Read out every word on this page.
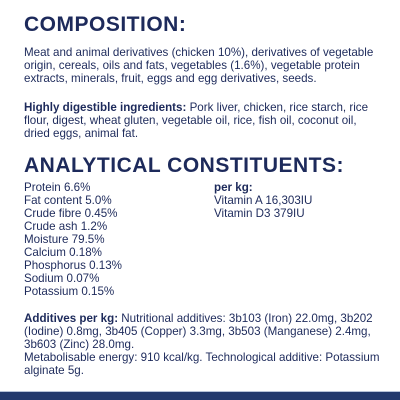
COMPOSITION:

Meat and animal derivatives (chicken 10%), derivatives of vegetable origin, cereals, oils and fats, vegetables (1.6%), vegetable protein extracts, minerals, fruit, eggs and egg derivatives, seeds.

Highly digestible ingredients: Pork liver, chicken, rice starch, rice flour, digest, wheat gluten, vegetable oil, rice, fish oil, coconut oil, dried eggs, animal fat.

ANALYTICAL CONSTITUENTS:
Protein 6.6%
Fat content 5.0%
Crude fibre 0.45%
Crude ash 1.2%
Moisture 79.5%
Calcium 0.18%
Phosphorus 0.13%
Sodium 0.07%
Potassium 0.15%
per kg:
Vitamin A 16,303IU
Vitamin D3 379IU

Additives per kg: Nutritional additives: 3b103 (Iron) 22.0mg, 3b202 (Iodine) 0.8mg, 3b405 (Copper) 3.3mg, 3b503 (Manganese) 2.4mg, 3b603 (Zinc) 28.0mg.

Metabolisable energy: 910 kcal/kg. Technological additive: Potassium alginate 5g.
